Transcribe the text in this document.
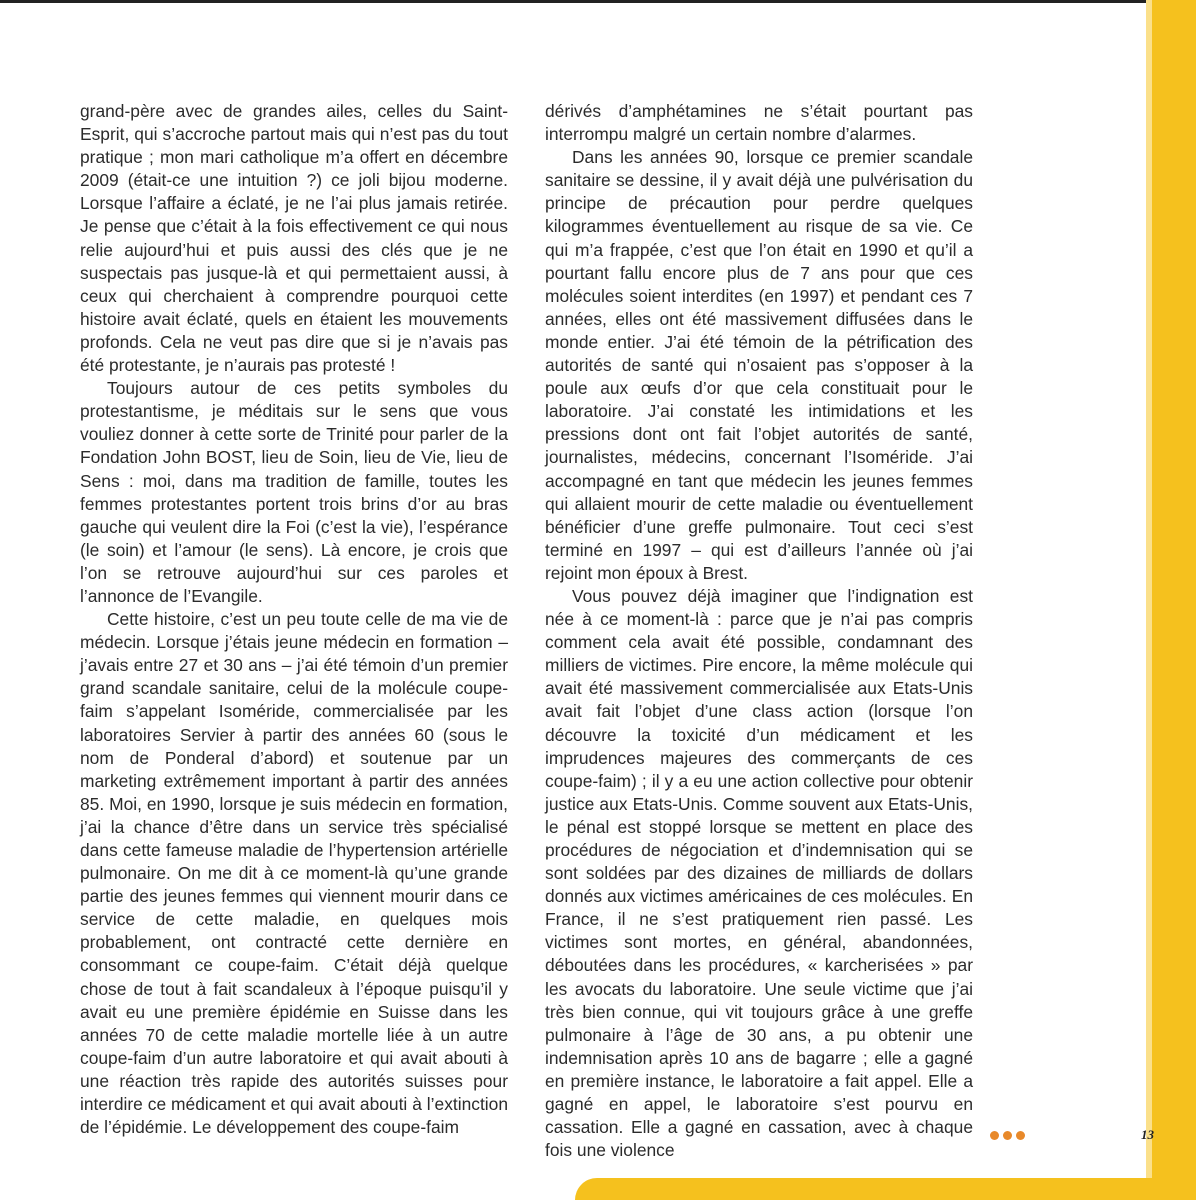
grand-père avec de grandes ailes, celles du Saint-Esprit, qui s’accroche partout mais qui n’est pas du tout pratique ; mon mari catholique m’a offert en décembre 2009 (était-ce une intuition ?) ce joli bijou moderne. Lorsque l’affaire a éclaté, je ne l’ai plus jamais retirée. Je pense que c’était à la fois effectivement ce qui nous relie aujourd’hui et puis aussi des clés que je ne suspectais pas jusque-là et qui permettaient aussi, à ceux qui cherchaient à comprendre pourquoi cette histoire avait éclaté, quels en étaient les mouvements profonds. Cela ne veut pas dire que si je n’avais pas été protestante, je n’aurais pas protesté !

Toujours autour de ces petits symboles du protestantisme, je méditais sur le sens que vous vouliez donner à cette sorte de Trinité pour parler de la Fondation John BOST, lieu de Soin, lieu de Vie, lieu de Sens : moi, dans ma tradition de famille, toutes les femmes protestantes portent trois brins d’or au bras gauche qui veulent dire la Foi (c’est la vie), l’espérance (le soin) et l’amour (le sens). Là encore, je crois que l’on se retrouve aujourd’hui sur ces paroles et l’annonce de l’Evangile.

Cette histoire, c’est un peu toute celle de ma vie de médecin. Lorsque j’étais jeune médecin en formation – j’avais entre 27 et 30 ans – j’ai été témoin d’un premier grand scandale sanitaire, celui de la molécule coupe-faim s’appelant Isoméride, commercialisée par les laboratoires Servier à partir des années 60 (sous le nom de Ponderal d’abord) et soutenue par un marketing extrêmement important à partir des années 85. Moi, en 1990, lorsque je suis médecin en formation, j’ai la chance d’être dans un service très spécialisé dans cette fameuse maladie de l’hypertension artérielle pulmonaire. On me dit à ce moment-là qu’une grande partie des jeunes femmes qui viennent mourir dans ce service de cette maladie, en quelques mois probablement, ont contracté cette dernière en consommant ce coupe-faim. C’était déjà quelque chose de tout à fait scandaleux à l’époque puisqu’il y avait eu une première épidémie en Suisse dans les années 70 de cette maladie mortelle liée à un autre coupe-faim d’un autre laboratoire et qui avait abouti à une réaction très rapide des autorités suisses pour interdire ce médicament et qui avait abouti à l’extinction de l’épidémie. Le développement des coupe-faim

dérivés d’amphétamines ne s’était pourtant pas interrompu malgré un certain nombre d’alarmes.

Dans les années 90, lorsque ce premier scandale sanitaire se dessine, il y avait déjà une pulvérisation du principe de précaution pour perdre quelques kilogrammes éventuellement au risque de sa vie. Ce qui m’a frappée, c’est que l’on était en 1990 et qu’il a pourtant fallu encore plus de 7 ans pour que ces molécules soient interdites (en 1997) et pendant ces 7 années, elles ont été massivement diffusées dans le monde entier. J’ai été témoin de la pétrification des autorités de santé qui n’osaient pas s’opposer à la poule aux œufs d’or que cela constituait pour le laboratoire. J’ai constaté les intimidations et les pressions dont ont fait l’objet autorités de santé, journalistes, médecins, concernant l’Isoméride. J’ai accompagné en tant que médecin les jeunes femmes qui allaient mourir de cette maladie ou éventuellement bénéficier d’une greffe pulmonaire. Tout ceci s’est terminé en 1997 – qui est d’ailleurs l’année où j’ai rejoint mon époux à Brest.

Vous pouvez déjà imaginer que l’indignation est née à ce moment-là : parce que je n’ai pas compris comment cela avait été possible, condamnant des milliers de victimes. Pire encore, la même molécule qui avait été massivement commercialisée aux Etats-Unis avait fait l’objet d’une class action (lorsque l’on découvre la toxicité d’un médicament et les imprudences majeures des commerçants de ces coupe-faim) ; il y a eu une action collective pour obtenir justice aux Etats-Unis. Comme souvent aux Etats-Unis, le pénal est stoppé lorsque se mettent en place des procédures de négociation et d’indemnisation qui se sont soldées par des dizaines de milliards de dollars donnés aux victimes américaines de ces molécules. En France, il ne s’est pratiquement rien passé. Les victimes sont mortes, en général, abandonnées, déboutées dans les procédures, « karcherisées » par les avocats du laboratoire. Une seule victime que j’ai très bien connue, qui vit toujours grâce à une greffe pulmonaire à l’âge de 30 ans, a pu obtenir une indemnisation après 10 ans de bagarre ; elle a gagné en première instance, le laboratoire a fait appel. Elle a gagné en appel, le laboratoire s’est pourvu en cassation. Elle a gagné en cassation, avec à chaque fois une violence

13
